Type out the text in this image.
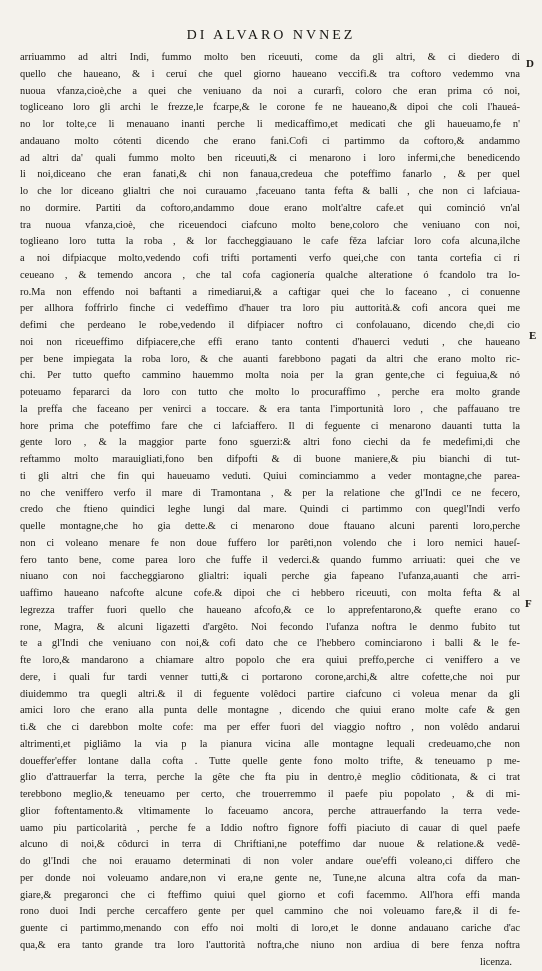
DI ALVARO NVNEZ
D
E
F
arriuammo ad altri Indi, fummo molto ben riceuuti, come da gli altri, & ci diedero di
quello che haueano, & i ceruí che quel giorno haueano veccifi.& tra coftoro vedemmo vna
nuoua vfanza,cioè,che a quei che veniuano da noi a curarfi, coloro che eran prima có noi,
togliceano loro gli archi le frezze,le fcarpe,& le corone fe ne haueano,& dipoi che coli l'haueá-
no lor tolte,ce li menauano inanti perche li medicaffimo,et medicati che gli haueuamo,fe n'
andauano molto cótenti dicendo che erano fani.Cofi ci partimmo da coftoro,& andammo
ad altri da' quali fummo molto ben riceuuti,& ci menarono i loro infermi,che benedicendo
li noi,diceano che eran fanati,& chi non fanaua,credeua che poteffimo fanarlo , & per quel
lo che lor diceano glialtri che noi curauamo ,faceuano tanta fefta & balli , che non ci lafciaua-
no dormire. Partiti da coftoro,andammo doue erano molt'altre cafe.et qui cominció vn'al
tra nuoua vfanza,cioè, che riceuendoci ciafcuno molto bene,coloro che veniuano con noi,
toglieano loro tutta la roba , & lor faccheggiauano le cafe fěza lafciar loro cofa alcuna,ilche
a noi difpiacque molto,vedendo cofi trifti portamenti verfo quei,che con tanta cortefia ci ri
ceueano , & temendo ancora , che tal cofa cagionería qualche alteratione ó fcandolo tra lo-
ro.Ma non effendo noi baftanti a rimediarui,& a caftigar quei che lo faceano , ci conuenne
per allhora foffrirlo finche ci vedeffimo d'hauer tra loro piu auttorità.& cofi ancora quei me
defimi che perdeano le robe,vedendo il difpiacer noftro ci confolauano, dicendo che,di cio
noi non riceueffimo difpiacere,che effi erano tanto contenti d'hauerci veduti , che haueano
per bene impiegata la roba loro, & che auanti farebbono pagati da altri che erano molto ric-
chi. Per tutto quefto cammino hauemmo molta noia per la gran gente,che ci feguiua,& nó
poteuamo fepararci da loro con tutto che molto lo procuraffimo , perche era molto grande
la preffa che faceano per venirci a toccare. & era tanta l'importunità loro , che paffauano tre
hore prima che poteffimo fare che ci lafciaffero. Il di feguente ci menarono dauanti tutta la
gente loro , & la maggior parte fono sguerzi:& altri fono ciechi da fe medefimi,di che
reftammo molto marauigliati,fono ben difpofti & di buone maniere,& piu bianchi di tut-
ti gli altri che fin qui haueuamo veduti. Quiui cominciammo a veder montagne,che parea-
no che veniffero verfo il mare di Tramontana , & per la relatione che gl'Indi ce ne fecero,
credo che ftieno quindici leghe lungi dal mare. Quindi ci partimmo con quegl'Indi verfo
quelle montagne,che ho gia dette.& ci menarono doue ftauano alcuni parenti loro,perche
non ci voleano menare fe non doue fuffero lor parêti,non volendo che i loro nemici haueſ-
fero tanto bene, come parea loro che fuffe il vederci.& quando fummo arriuati: quei che ve
niuano con noi faccheggiarono glialtri: iquali perche gia fapeano l'ufanza,auanti che arri-
uaffimo haueano nafcofte alcune cofe.& dipoi che ci hebbero riceuuti, con molta fefta & al
legrezza traffer fuori quello che haueano afcofo,& ce lo apprefentarono,& quefte erano co
rone, Magra, & alcuni ligazetti d'argêto. Noi fecondo l'ufanza noftra le denmo fubito tut
te a gl'Indi che veniuano con noi,& cofi dato che ce l'hebbero cominciarono i balli & le fe-
fte loro,& mandarono a chiamare altro popolo che era quiui preffo,perche ci veniffero a ve
dere, i quali fur tardi venner tutti,& ci portarono corone,archi,& altre cofette,che noi pur
diuidemmo tra quegli altri.& il di feguente volêdoci partire ciafcuno ci voleua menar da gli
amici loro che erano alla punta delle montagne , dicendo che quiui erano molte cafe & gen
ti.& che ci darebbon molte cofe: ma per effer fuori del viaggio noftro , non volêdo andarui
altrimenti,et pigliâmo la via p la pianura vicina alle montagne lequali credeuamo,che non
doueffer'effer lontane dalla cofta . Tutte quelle gente fono molto trifte, & teneuamo p me-
glio d'attrauerfar la terra, perche la gête che fta piu in dentro,è meglio côditionata, & ci trat
terebbono meglio,& teneuamo per certo, che trouerremmo il paefe piu popolato , & di mi-
glior foftentamento.& vltimamente lo faceuamo ancora, perche attrauerfando la terra vede-
uamo piu particolarità , perche fe a Iddio noftro fignore foffi piaciuto di cauar di quel paefe
alcuno di noi,& côdurci in terra di Chriftiani,ne poteffimo dar nuoue & relatione.& vedê-
do gl'Indi che noi erauamo determinati di non voler andare oue'effi voleano,ci differo che
per donde noi voleuamo andare,non vi era,ne gente ne, Tune,ne alcuna altra cofa da man-
giare,& pregaronci che ci fteffimo quiui quel giorno et cofi facemmo. All'hora effi manda
rono duoi Indi perche cercaffero gente per quel cammino che noi voleuamo fare,& il di fe-
guente ci partimmo,menando con effo noi molti di loro,et le donne andauano cariche d'ac
qua,& era tanto grande tra loro l'auttorità noftra,che niuno non ardiua di bere fenza noftra
licenza.
